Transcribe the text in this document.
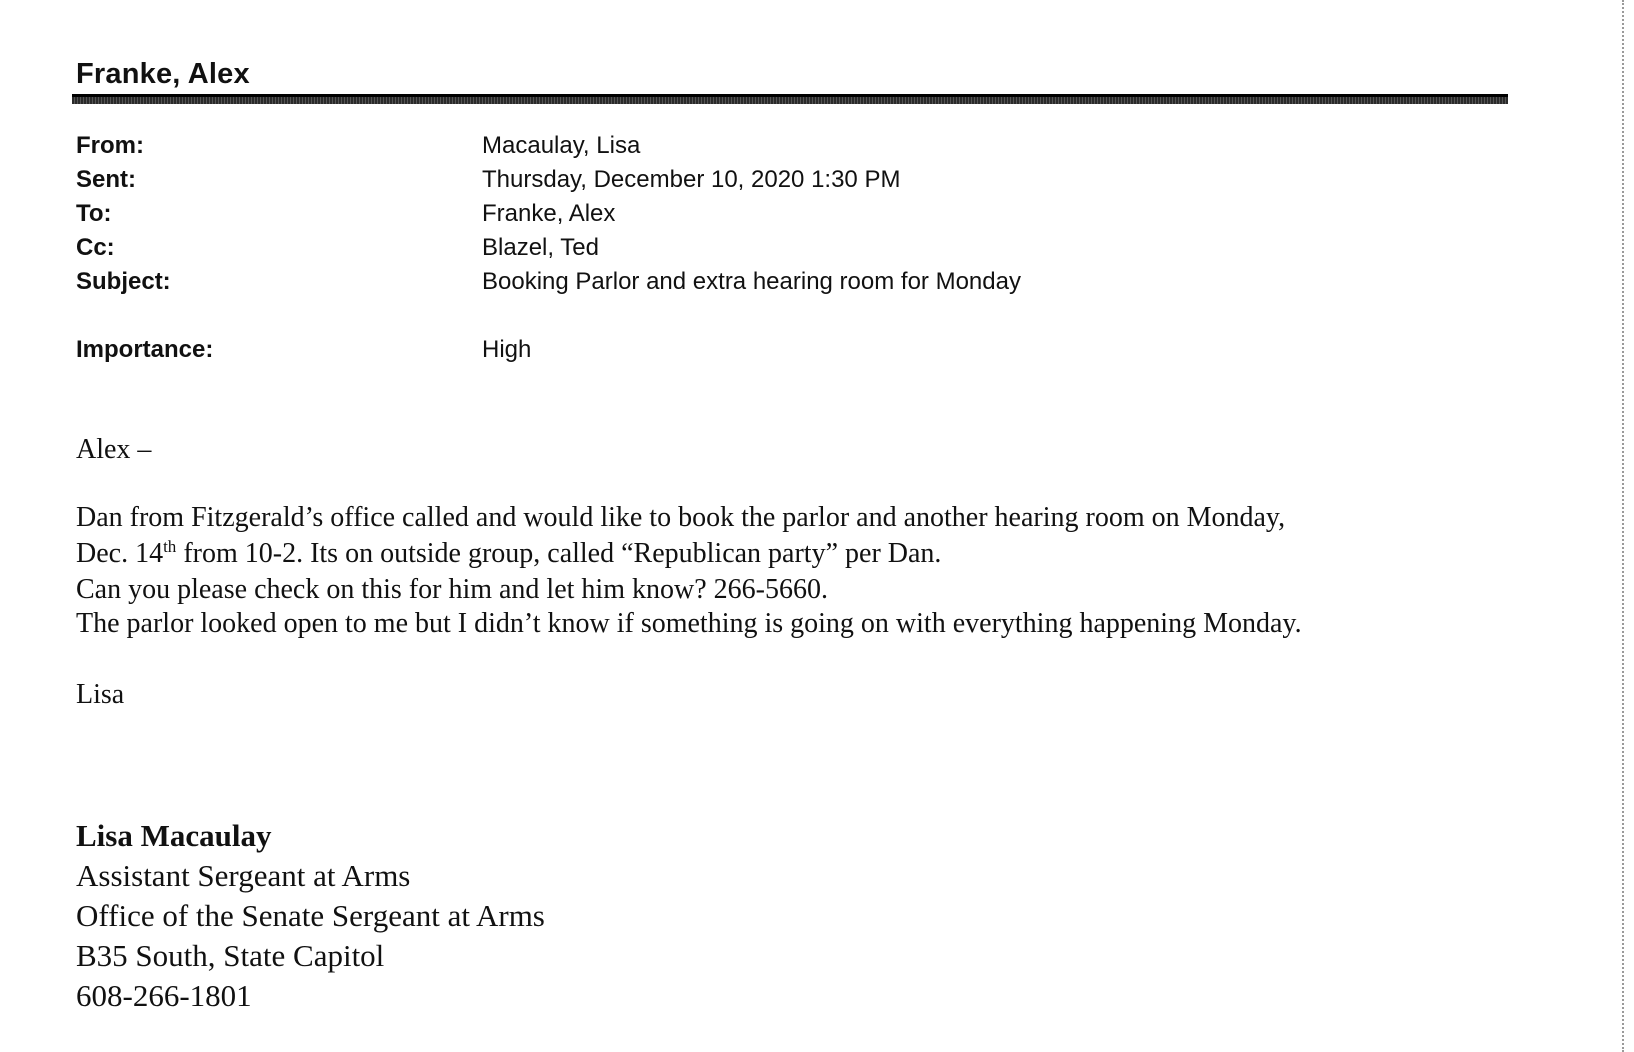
Franke, Alex
From:	Macaulay, Lisa
Sent:	Thursday, December 10, 2020 1:30 PM
To:	Franke, Alex
Cc:	Blazel, Ted
Subject:	Booking Parlor and extra hearing room for Monday
Importance:	High
Alex –
Dan from Fitzgerald’s office called and would like to book the parlor and another hearing room on Monday,
Dec. 14th from 10-2. Its on outside group, called “Republican party” per Dan.
Can you please check on this for him and let him know? 266-5660.
The parlor looked open to me but I didn’t know if something is going on with everything happening Monday.
Lisa
Lisa Macaulay
Assistant Sergeant at Arms
Office of the Senate Sergeant at Arms
B35 South, State Capitol
608-266-1801
